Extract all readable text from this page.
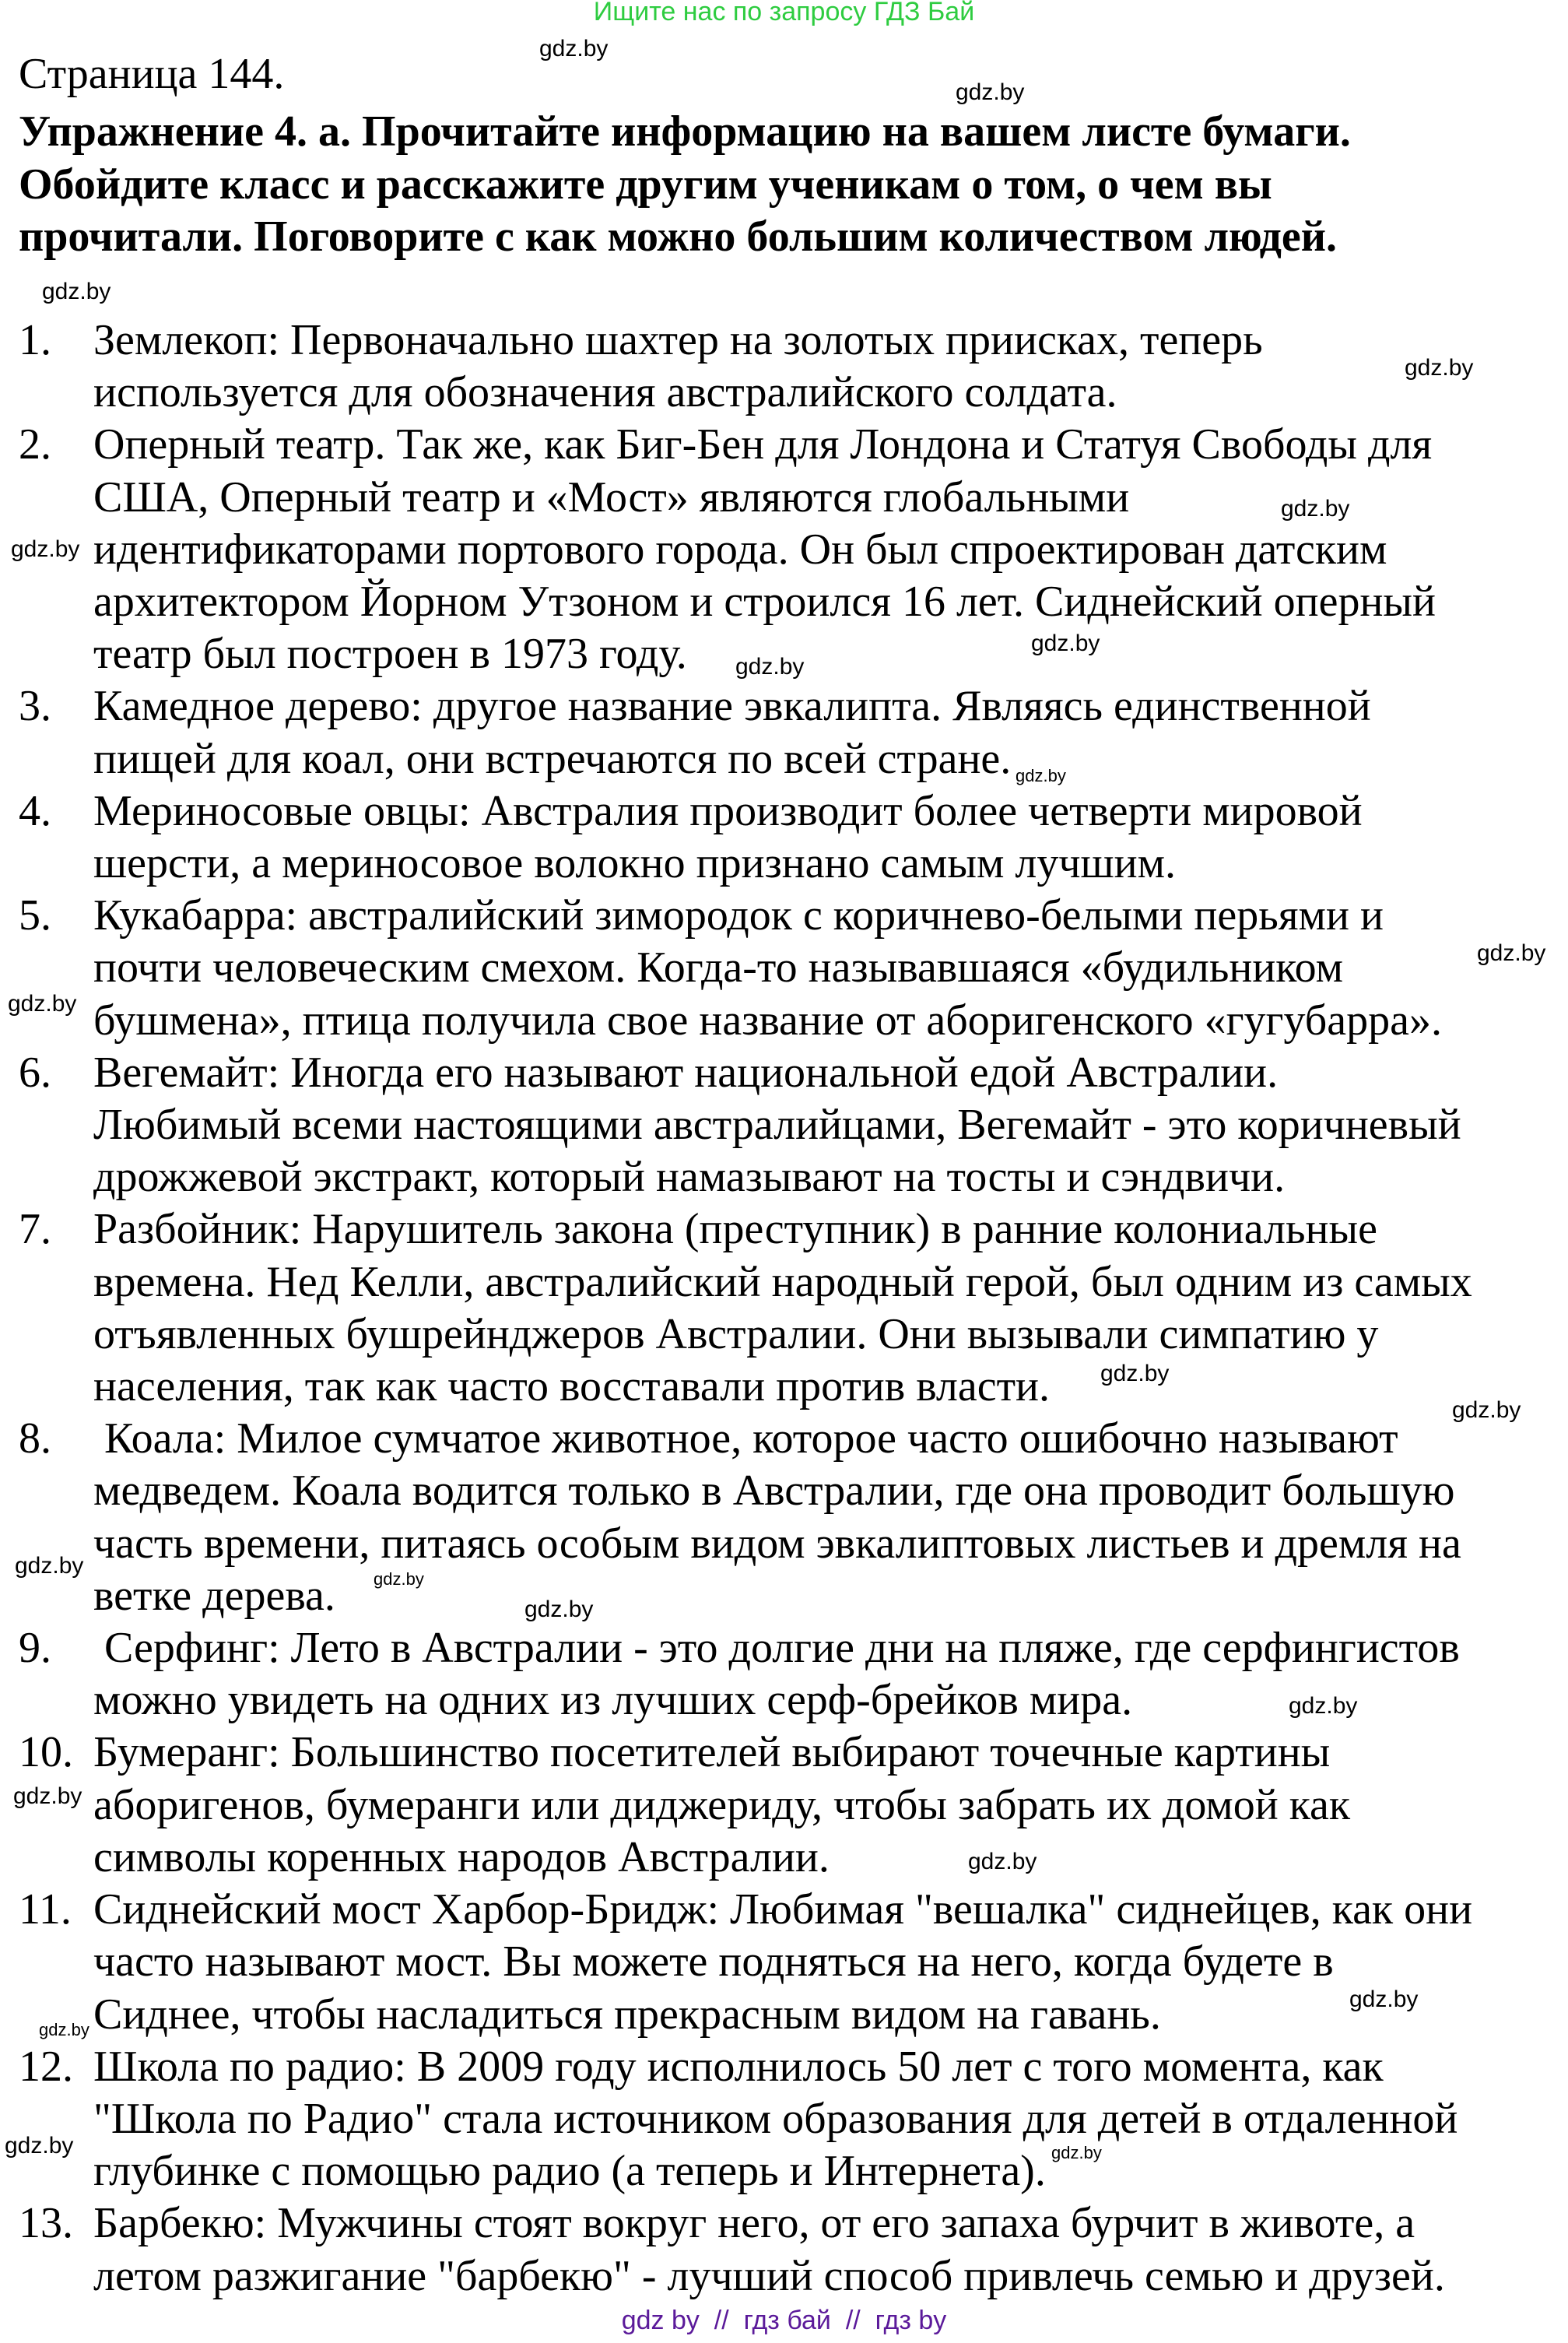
Ищите нас по запросу ГДЗ Бай
Страница 144.
Упражнение 4. а. Прочитайте информацию на вашем листе бумаги.
Обойдите класс и расскажите другим ученикам о том, о чем вы
прочитали. Поговорите с как можно большим количеством людей.
1. Землекоп: Первоначально шахтер на золотых приисках, теперь
используется для обозначения австралийского солдата.
2. Оперный театр. Так же, как Биг-Бен для Лондона и Статуя Свободы для
США, Оперный театр и «Мост» являются глобальными
идентификаторами портового города. Он был спроектирован датским
архитектором Йорном Утзоном и строился 16 лет. Сиднейский оперный
театр был построен в 1973 году.
3. Камедное дерево: другое название эвкалипта. Являясь единственной
пищей для коал, они встречаются по всей стране.
4. Мериносовые овцы: Австралия производит более четверти мировой
шерсти, а мериносовое волокно признано самым лучшим.
5. Кукабарра: австралийский зимородок с коричнево-белыми перьями и
почти человеческим смехом. Когда-то называвшаяся «будильником
бушмена», птица получила свое название от аборигенского «гугубарра».
6. Вегемайт: Иногда его называют национальной едой Австралии.
Любимый всеми настоящими австралийцами, Вегемайт - это коричневый
дрожжевой экстракт, который намазывают на тосты и сэндвичи.
7. Разбойник: Нарушитель закона (преступник) в ранние колониальные
времена. Нед Келли, австралийский народный герой, был одним из самых
отъявленных бушрейнджеров Австралии. Они вызывали симпатию у
населения, так как часто восставали против власти.
8. Коала: Милое сумчатое животное, которое часто ошибочно называют
медведем. Коала водится только в Австралии, где она проводит большую
часть времени, питаясь особым видом эвкалиптовых листьев и дремля на
ветке дерева.
9. Серфинг: Лето в Австралии - это долгие дни на пляже, где серфингистов
можно увидеть на одних из лучших серф-брейков мира.
10. Бумеранг: Большинство посетителей выбирают точечные картины
аборигенов, бумеранги или диджериду, чтобы забрать их домой как
символы коренных народов Австралии.
11. Сиднейский мост Харбор-Бридж: Любимая "вешалка" сиднейцев, как они
часто называют мост. Вы можете подняться на него, когда будете в
Сиднее, чтобы насладиться прекрасным видом на гавань.
12. Школа по радио: В 2009 году исполнилось 50 лет с того момента, как
"Школа по Радио" стала источником образования для детей в отдаленной
глубинке с помощью радио (а теперь и Интернета).
13. Барбекю: Мужчины стоят вокруг него, от его запаха бурчит в животе, а
летом разжигание "барбекю" - лучший способ привлечь семью и друзей.
gdz.by
gdz.by
gdz.by
gdz.by
gdz.by
gdz.by
gdz.by
gdz.by
gdz.by
gdz.by
gdz.by
gdz.by
gdz.by
gdz.by
gdz.by
gdz.by
gdz.by
gdz.by
gdz.by
gdz.by
gdz.by
gdz.by
gdz.by
gdz by  //  гдз бай  //  гдз by
